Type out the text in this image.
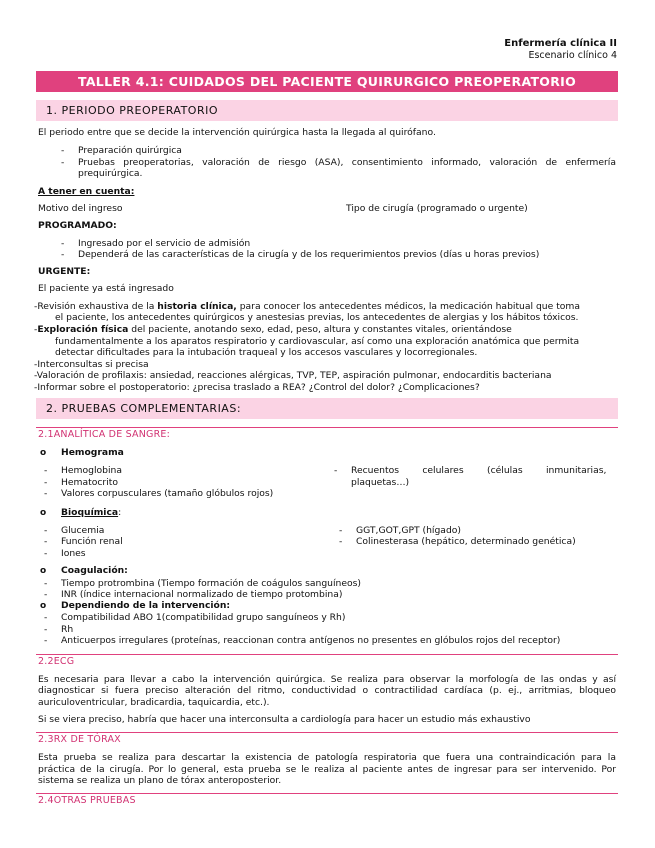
Enfermería clínica II
Escenario clínico 4
TALLER 4.1: CUIDADOS DEL PACIENTE QUIRURGICO PREOPERATORIO
1. PERIODO PREOPERATORIO
El periodo entre que se decide la intervención quirúrgica hasta la llegada al quirófano.
- Preparación quirúrgica
- Pruebas preoperatorias, valoración de riesgo (ASA), consentimiento informado, valoración de enfermería
prequirúrgica.
A tener en cuenta:
Motivo del ingreso	Tipo de cirugía (programado o urgente)
PROGRAMADO:
- Ingresado por el servicio de admisión
- Dependerá de las características de la cirugía y de los requerimientos previos (días u horas previos)
URGENTE:
El paciente ya está ingresado
-Revisión exhaustiva de la historia clínica, para conocer los antecedentes médicos, la medicación habitual que toma
el paciente, los antecedentes quirúrgicos y anestesias previas, los antecedentes de alergias y los hábitos tóxicos.
-Exploración física del paciente, anotando sexo, edad, peso, altura y constantes vitales, orientándose
fundamentalmente a los aparatos respiratorio y cardiovascular, así como una exploración anatómica que permita
detectar dificultades para la intubación traqueal y los accesos vasculares y locorregionales.
-Interconsultas si precisa
-Valoración de profilaxis: ansiedad, reacciones alérgicas, TVP, TEP, aspiración pulmonar, endocarditis bacteriana
-Informar sobre el postoperatorio: ¿precisa traslado a REA? ¿Control del dolor? ¿Complicaciones?
2. PRUEBAS COMPLEMENTARIAS:
2.1ANALÍTICA DE SANGRE:
o Hemograma
- Hemoglobina
- Hematocrito
- Valores corpusculares (tamaño glóbulos rojos)
- Recuentos        celulares        (células        inmunitarias,
plaquetas…)
o Bioquímica:
- Glucemia
- Función renal
- Iones
- GGT,GOT,GPT (hígado)
- Colinesterasa (hepático, determinado genética)
o Coagulación:
- Tiempo protrombina (Tiempo formación de coágulos sanguíneos)
- INR (índice internacional normalizado de tiempo protombina)
o Dependiendo de la intervención:
- Compatibilidad ABO 1(compatibilidad grupo sanguíneos y Rh)
- Rh
- Anticuerpos irregulares (proteínas, reaccionan contra antígenos no presentes en glóbulos rojos del receptor)
2.2ECG
Es necesaria para llevar a cabo la intervención quirúrgica. Se realiza para observar la morfología de las ondas y así
diagnosticar si fuera preciso alteración del ritmo, conductividad o contractilidad cardíaca (p. ej., arritmias, bloqueo
auriculoventricular, bradicardia, taquicardia, etc.).
Si se viera preciso, habría que hacer una interconsulta a cardiología para hacer un estudio más exhaustivo
2.3RX DE TÓRAX
Esta prueba se realiza para descartar la existencia de patología respiratoria que fuera una contraindicación para la
práctica de la cirugía. Por lo general, esta prueba se le realiza al paciente antes de ingresar para ser intervenido. Por
sistema se realiza un plano de tórax anteroposterior.
2.4OTRAS PRUEBAS
